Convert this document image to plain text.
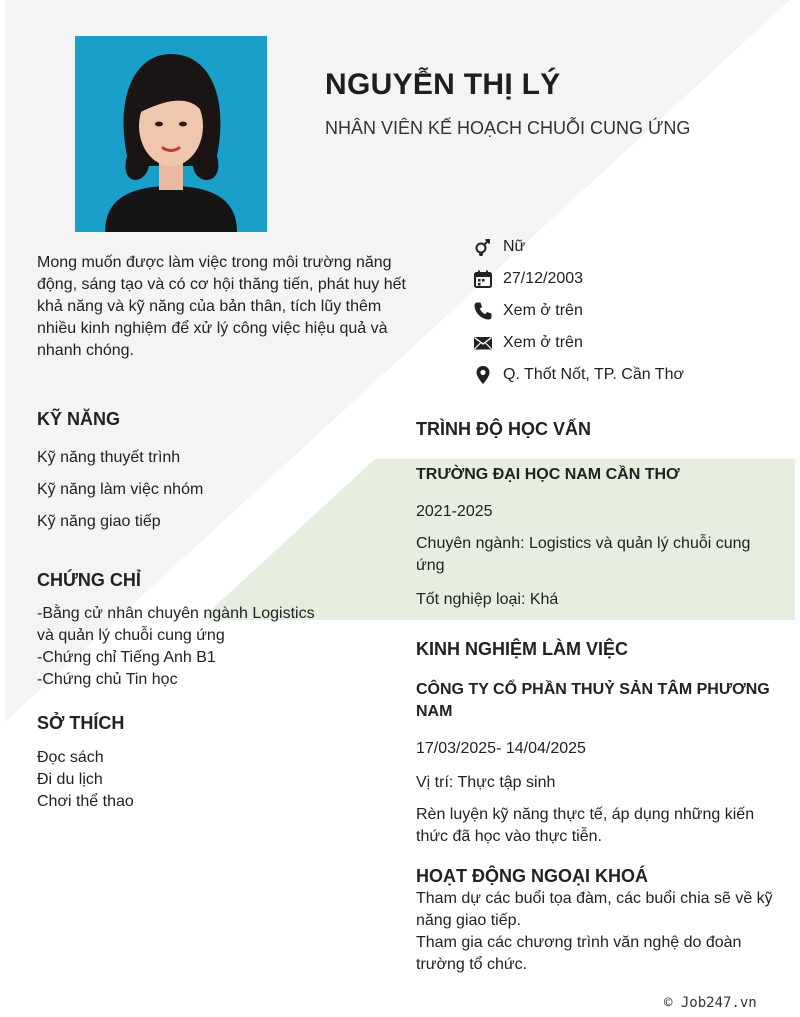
NGUYỄN THỊ LÝ
NHÂN VIÊN KẾ HOẠCH CHUỖI CUNG ỨNG
Mong muốn được làm việc trong môi trường năng động, sáng tạo và có cơ hội thăng tiến, phát huy hết khả năng và kỹ năng của bản thân, tích lũy thêm nhiều kinh nghiệm để xử lý công việc hiệu quả và nhanh chóng.
Nữ
27/12/2003
Xem ở trên
Xem ở trên
Q. Thốt Nốt, TP. Cần Thơ
KỸ NĂNG
Kỹ năng thuyết trình
Kỹ năng làm việc nhóm
Kỹ năng giao tiếp
CHỨNG CHỈ
-Bằng cử nhân chuyên ngành Logistics
và quản lý chuỗi cung ứng
-Chứng chỉ Tiếng Anh B1
-Chứng chủ Tin học
SỞ THÍCH
Đọc sách
Đi du lịch
Chơi thể thao
TRÌNH ĐỘ HỌC VẤN
TRƯỜNG ĐẠI HỌC NAM CẦN THƠ
2021-2025
Chuyên ngành: Logistics và quản lý chuỗi cung ứng
Tốt nghiệp loại: Khá
KINH NGHIỆM LÀM VIỆC
CÔNG TY CỔ PHẦN THUỶ SẢN TÂM PHƯƠNG NAM
17/03/2025- 14/04/2025
Vị trí: Thực tập sinh
Rèn luyện kỹ năng thực tế, áp dụng những kiến thức đã học vào thực tiễn.
HOẠT ĐỘNG NGOẠI KHOÁ
Tham dự các buổi tọa đàm, các buổi chia sẽ về kỹ năng giao tiếp.
Tham gia các chương trình văn nghệ do đoàn trường tổ chức.
© Job247.vn
